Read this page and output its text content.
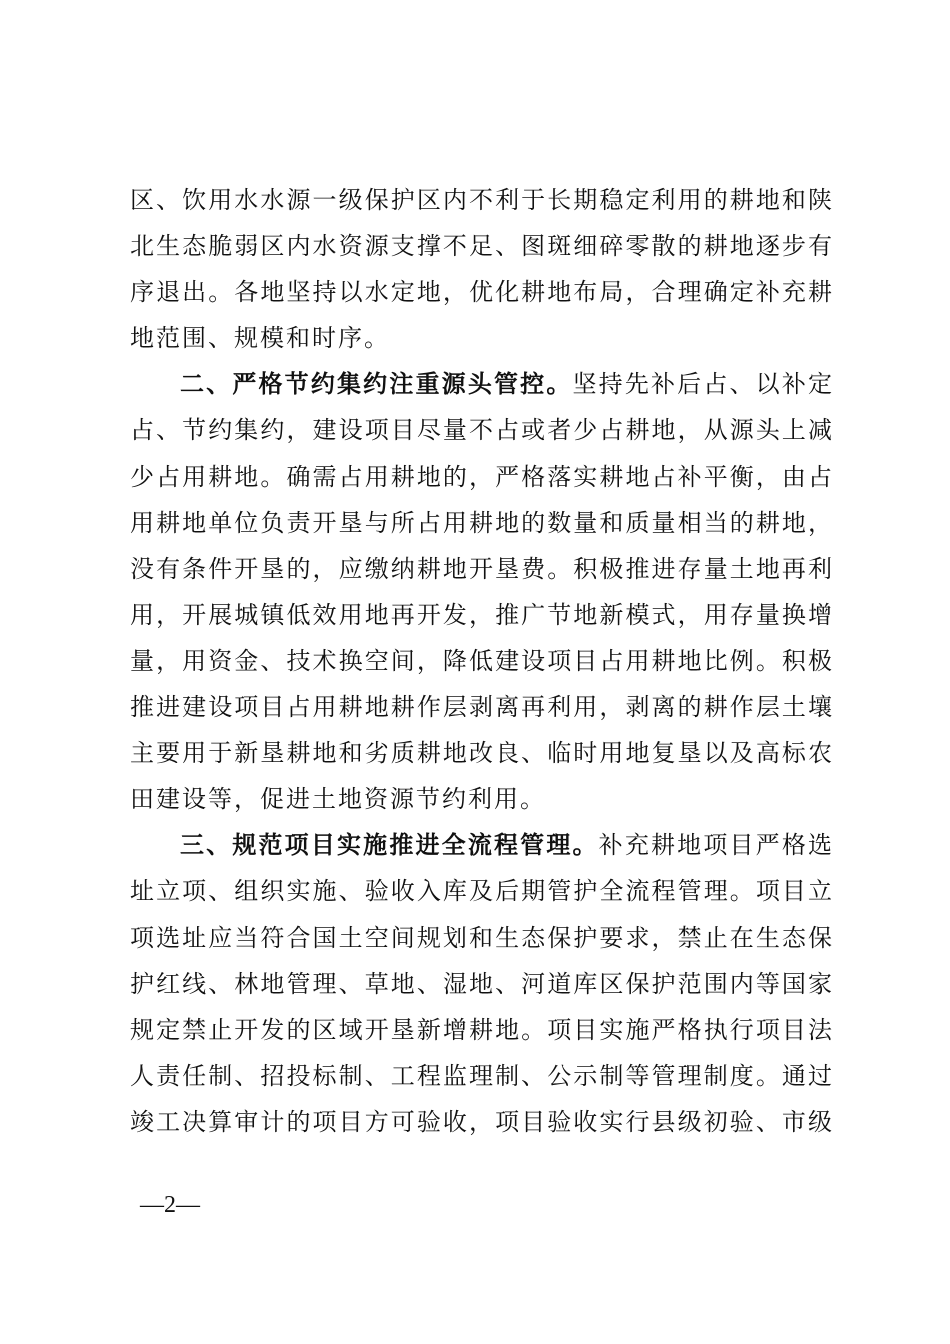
区、饮用水水源一级保护区内不利于长期稳定利用的耕地和陕
北生态脆弱区内水资源支撑不足、图斑细碎零散的耕地逐步有
序退出。各地坚持以水定地，优化耕地布局，合理确定补充耕
地范围、规模和时序。
二、严格节约集约注重源头管控。坚持先补后占、以补定
占、节约集约，建设项目尽量不占或者少占耕地，从源头上减
少占用耕地。确需占用耕地的，严格落实耕地占补平衡，由占
用耕地单位负责开垦与所占用耕地的数量和质量相当的耕地，
没有条件开垦的，应缴纳耕地开垦费。积极推进存量土地再利
用，开展城镇低效用地再开发，推广节地新模式，用存量换增
量，用资金、技术换空间，降低建设项目占用耕地比例。积极
推进建设项目占用耕地耕作层剥离再利用，剥离的耕作层土壤
主要用于新垦耕地和劣质耕地改良、临时用地复垦以及高标农
田建设等，促进土地资源节约利用。
三、规范项目实施推进全流程管理。补充耕地项目严格选
址立项、组织实施、验收入库及后期管护全流程管理。项目立
项选址应当符合国土空间规划和生态保护要求，禁止在生态保
护红线、林地管理、草地、湿地、河道库区保护范围内等国家
规定禁止开发的区域开垦新增耕地。项目实施严格执行项目法
人责任制、招投标制、工程监理制、公示制等管理制度。通过
竣工决算审计的项目方可验收，项目验收实行县级初验、市级
—2—
